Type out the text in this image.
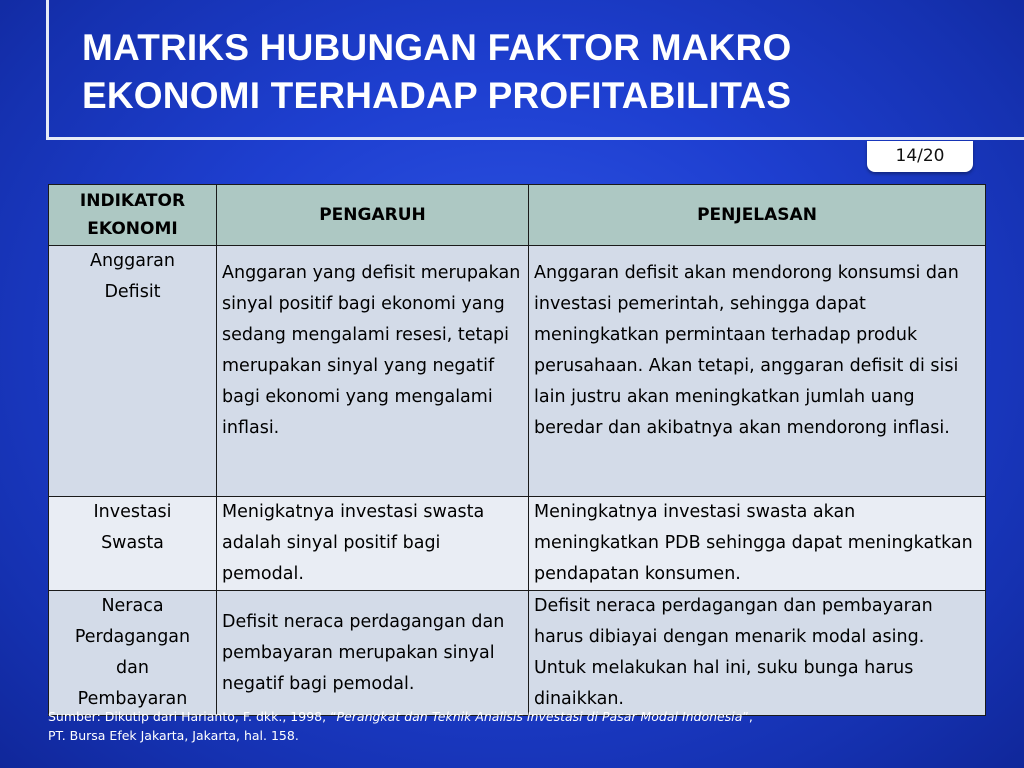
MATRIKS HUBUNGAN FAKTOR MAKRO
EKONOMI TERHADAP PROFITABILITAS
14/20
INDIKATOR
EKONOMI	PENGARUH	PENJELASAN
Anggaran
Defisit	Anggaran yang defisit merupakan sinyal positif bagi ekonomi yang sedang mengalami resesi, tetapi merupakan sinyal yang negatif bagi ekonomi yang mengalami inflasi.	Anggaran defisit akan mendorong konsumsi dan investasi pemerintah, sehingga dapat meningkatkan permintaan terhadap produk perusahaan. Akan tetapi, anggaran defisit di sisi lain justru akan meningkatkan jumlah uang beredar dan akibatnya akan mendorong inflasi.
Investasi
Swasta	Menigkatnya investasi swasta adalah sinyal positif bagi pemodal.	Meningkatnya investasi swasta akan meningkatkan PDB sehingga dapat meningkatkan pendapatan konsumen.
Neraca
Perdagangan
dan
Pembayaran	Defisit neraca perdagangan dan pembayaran merupakan sinyal negatif bagi pemodal.	Defisit neraca perdagangan dan pembayaran harus dibiayai dengan menarik modal asing. Untuk melakukan hal ini, suku bunga harus dinaikkan.
Sumber: Dikutip dari Harianto, F. dkk., 1998, “Perangkat dan Teknik Analisis Investasi di Pasar Modal Indonesia”,
PT. Bursa Efek Jakarta, Jakarta, hal. 158.
